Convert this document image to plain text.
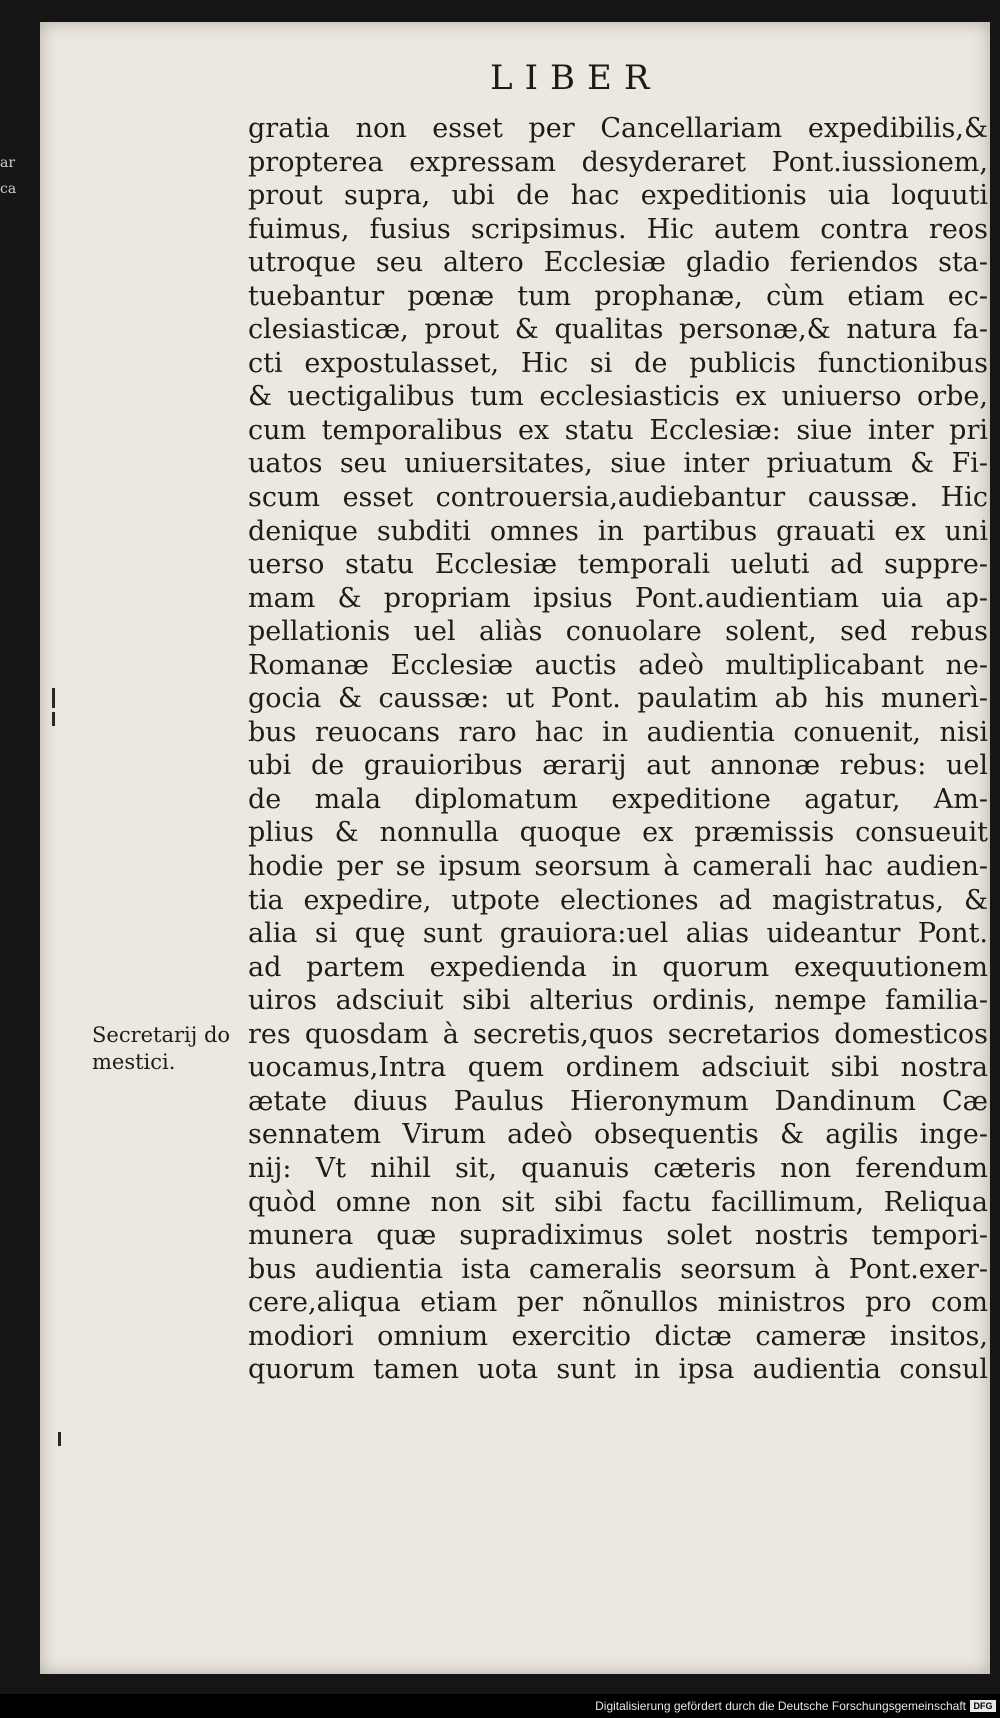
ar
ca
LIBER
gratia non esset per Cancellariam expedibilis,&
propterea expressam desyderaret Pont.iussionem,
prout supra, ubi de hac expeditionis uia loquuti
fuimus, fusius scripsimus. Hic autem contra reos
utroque seu altero Ecclesiæ gladio feriendos sta-
tuebantur pœnæ tum prophanæ, cùm etiam ec-
clesiasticæ, prout & qualitas personæ,& natura fa-
cti expostulasset, Hic si de publicis functionibus
& uectigalibus tum ecclesiasticis ex uniuerso orbe,
cum temporalibus ex statu Ecclesiæ: siue inter pri
uatos seu uniuersitates, siue inter priuatum & Fi-
scum esset controuersia,audiebantur caussæ. Hic
denique subditi omnes in partibus grauati ex uni
uerso statu Ecclesiæ temporali ueluti ad suppre-
mam & propriam ipsius Pont.audientiam uia ap-
pellationis uel aliàs conuolare solent, sed rebus
Romanæ Ecclesiæ auctis adeò multiplicabant ne-
gocia & caussæ: ut Pont. paulatim ab his munerì-
bus reuocans raro hac in audientia conuenit, nisi
ubi de grauioribus ærarij aut annonæ rebus: uel
de mala diplomatum expeditione agatur, Am-
plius & nonnulla quoque ex præmissis consueuit
hodie per se ipsum seorsum à camerali hac audien-
tia expedire, utpote electiones ad magistratus, &
alia si quę sunt grauiora:uel alias uideantur Pont.
ad partem expedienda in quorum exequutionem
uiros adsciuit sibi alterius ordinis, nempe familia-
res quosdam à secretis,quos secretarios domesticos
uocamus,Intra quem ordinem adsciuit sibi nostra
ætate diuus Paulus Hieronymum Dandinum Cæ
sennatem Virum adeò obsequentis & agilis inge-
nij: Vt nihil sit, quanuis cæteris non ferendum
quòd omne non sit sibi factu facillimum, Reliqua
munera quæ supradiximus solet nostris tempori-
bus audientia ista cameralis seorsum à Pont.exer-
cere,aliqua etiam per nõnullos ministros pro com
modiori omnium exercitio dictæ cameræ insitos,
quorum tamen uota sunt in ipsa audientia consul
Secretarij do
mestici.
Digitalisierung gefördert durch die Deutsche Forschungsgemeinschaft DFG
